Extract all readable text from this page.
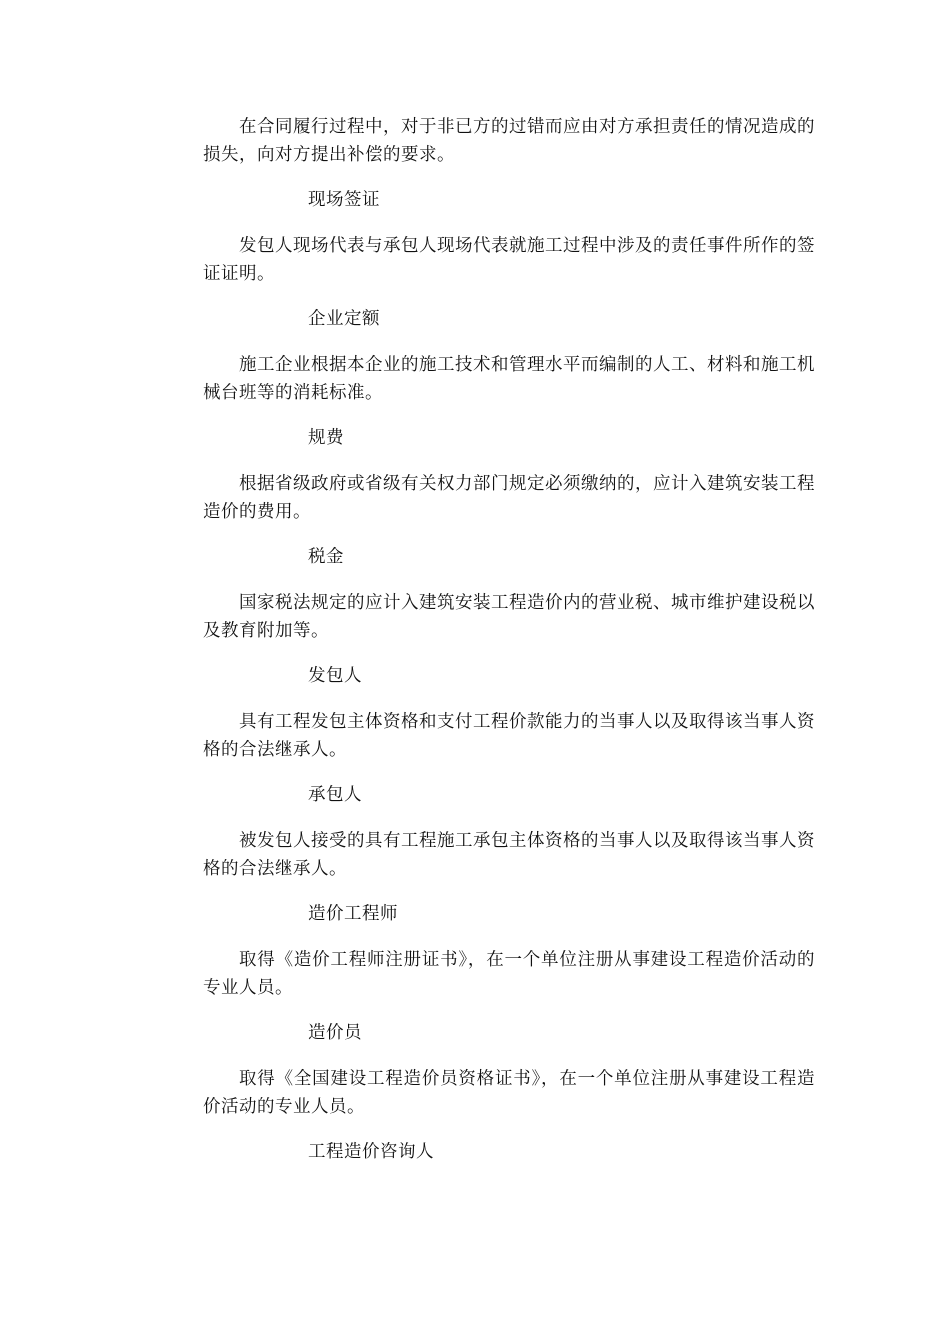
在合同履行过程中，对于非已方的过错而应由对方承担责任的情况造成的损失，向对方提出补偿的要求。

现场签证

发包人现场代表与承包人现场代表就施工过程中涉及的责任事件所作的签证证明。

企业定额

施工企业根据本企业的施工技术和管理水平而编制的人工、材料和施工机械台班等的消耗标准。

规费

根据省级政府或省级有关权力部门规定必须缴纳的，应计入建筑安装工程造价的费用。

税金

国家税法规定的应计入建筑安装工程造价内的营业税、城市维护建设税以及教育附加等。

发包人

具有工程发包主体资格和支付工程价款能力的当事人以及取得该当事人资格的合法继承人。

承包人

被发包人接受的具有工程施工承包主体资格的当事人以及取得该当事人资格的合法继承人。

造价工程师

取得《造价工程师注册证书》，在一个单位注册从事建设工程造价活动的专业人员。

造价员

取得《全国建设工程造价员资格证书》，在一个单位注册从事建设工程造价活动的专业人员。

工程造价咨询人
